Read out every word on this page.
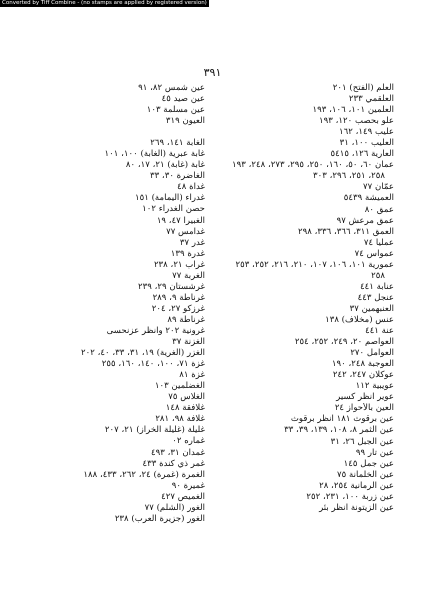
Converted by Tiff Combine - (no stamps are applied by registered version)
٣٩١
العلم (الفتح) ٢٠١
العلقمي ٢٣٣
العلمين ١٠١، ١٠٦، ١٩٣
علو بحصب ١٢٠، ١٩٣
عليب ١٤٩، ١٦٢
العليب ١٠٠، ٣١
العارية ١٢٦، ٥٤١٥
عمان ٦٠، ٥٠، ١٦٠، ٢٥٠، ٢٩٥، ٢٧٣، ٢٤٨، ١٩٣
٢٥٨، ٢٥١، ٢٩٦، ٣٠٣
عمّان ٧٧
العميشة ٥٤٣٩
عمق ٨٠
عمق مرعش ٩٧
العمق ٣١١، ٣٦٦، ٣٣٦، ٢٩٨
عمليا ٧٤
عمواس ٧٤
عمورية ١٠١، ١٠٦، ١٠٧، ٢١٠، ٢١٦، ٢٥٢، ٢٥٣
٢٥٨
عنابة ٤٤١
عنجل ٤٤٣
العنبهمين ٣٧
عنس (مخلاف) ١٣٨
عنة ٤٤١
العواصم ٢٠، ٢٤٩، ٢٥٢، ٢٥٤
العوامل ٢٧٠
العوجبة ٢٤٨، ١٩٠
عوكلان ٢٤٧، ٢٤٢
عويبية ١١٢
عوير انظر كسير
العين بالأحواز ٢٤
عين برقوث ١٨١ انظر برقوث
عين الثمر ٨، ١٠٨، ١٣٩، ٣٩، ٣٣
عين الجبل ٢٦، ٣١
عين تار ٩٩
عين جمل ١٤٥
عين الخلمانة ٧٥
عين الرمانية ٢٥٤، ٢٨
عين زربة ١٠٠، ٢٣١، ٢٥٢
عين الزيتونة انظر بئر
عين شمس ٨٢، ٩١
عين صيد ٤٥
عين مسلمة ١٠٣
العيون ٣١٩
الغابة ١٤١، ٢٦٩
غابة عبرية (الغابة) ١٠٠، ١٠١
غابة (غابة) ٢١، ١٧، ٨٠
الغاضرة ٣٠، ٣٣
غداة ٤٨
غدراء (اليمامة) ١٥١
حصن الغدراء ١٠٢
الغبيرا ٤٧، ١٩
غدامس ٧٧
غدر ٣٧
غدرة ١٣٩
غراب ٢١، ٢٣٨
الغربة ٧٧
غرشستان ٢٩، ٢٣٩
غرناطة ٩، ٢٨٩
غرزكو ٢٧، ٢٠٤
غرناطة ٨٩
غرونية ٢٠٢ وانظر عزنحسى
الغزنة ٣٧
الغزر (الغرية) ١٩، ٣١، ٣٣، ٤٠، ٢٠٢
غزة ٧١، ١٠٠، ١٤٠، ١٦٠، ٢٥٥
غزة ٨١
الغضلمين ١٠٣
الغلاس ٧٥
غلافقة ١٤٨
غلافة ٩٨، ٢٨١
غليلة (غليلة الخراز) ٢١، ٢٠٧
غماره ٠٢
غمدان ٣١، ٤٩٣
غمر ذي كندة ٤٣٣
الغمرة (غمرة) ٢٤، ٢٦٢، ٤٣٣، ١٨٨
غميرة ٩٠
الغميص ٤٢٧
الغور (الشلم) ٧٧
الغور (جزيرة العرب) ٢٣٨
